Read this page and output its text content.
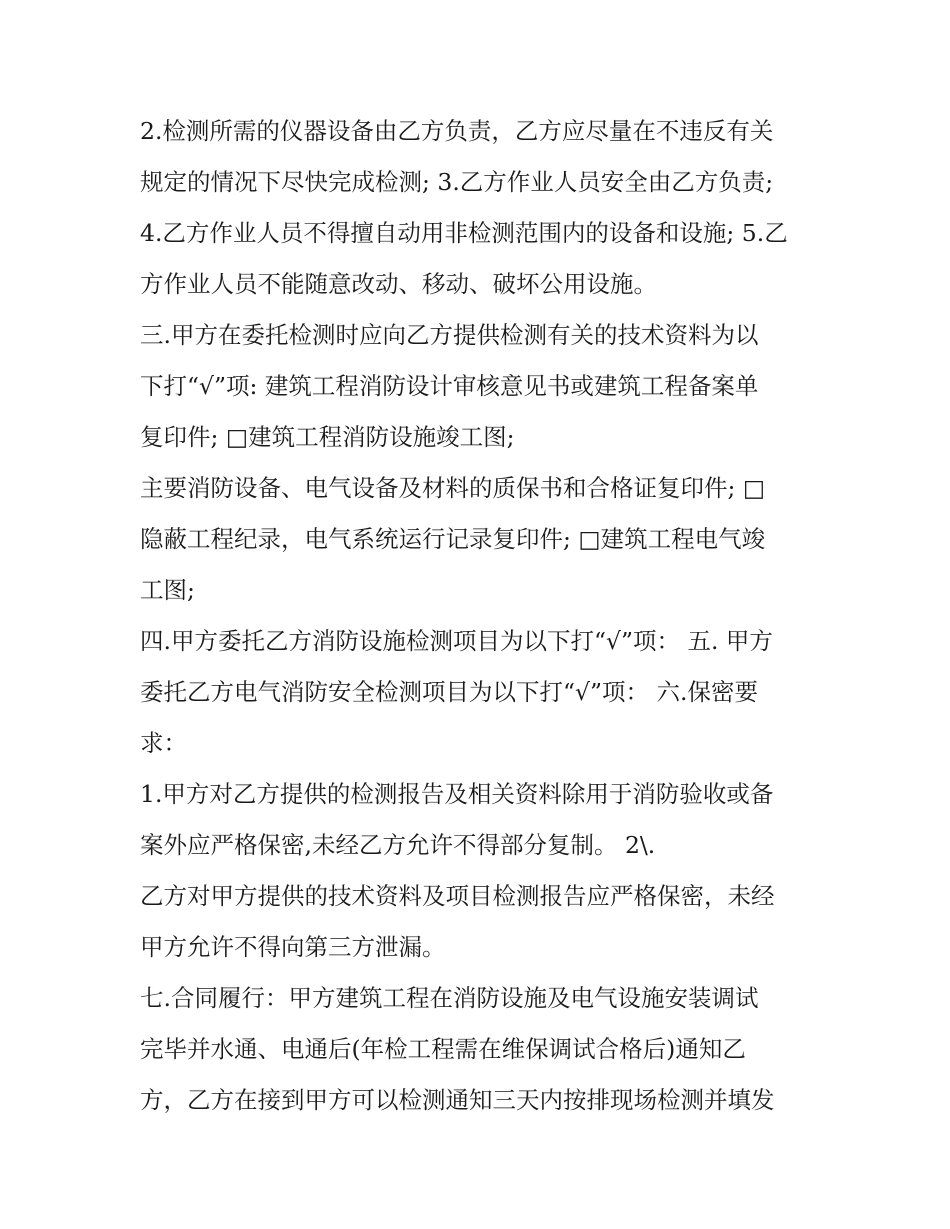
2.检测所需的仪器设备由乙方负责，乙方应尽量在不违反有关
规定的情况下尽快完成检测; 3.乙方作业人员安全由乙方负责;
4.乙方作业人员不得擅自动用非检测范围内的设备和设施; 5.乙
方作业人员不能随意改动、移动、破坏公用设施。
三.甲方在委托检测时应向乙方提供检测有关的技术资料为以
下打“√”项: 建筑工程消防设计审核意见书或建筑工程备案单
复印件; □建筑工程消防设施竣工图;
主要消防设备、电气设备及材料的质保书和合格证复印件; □
隐蔽工程纪录，电气系统运行记录复印件; □建筑工程电气竣
工图;
四.甲方委托乙方消防设施检测项目为以下打“√”项： 五. 甲方
委托乙方电气消防安全检测项目为以下打“√”项： 六.保密要
求：
1.甲方对乙方提供的检测报告及相关资料除用于消防验收或备
案外应严格保密,未经乙方允许不得部分复制。 2\.
乙方对甲方提供的技术资料及项目检测报告应严格保密，未经
甲方允许不得向第三方泄漏。
七.合同履行：甲方建筑工程在消防设施及电气设施安装调试
完毕并水通、电通后(年检工程需在维保调试合格后)通知乙
方，乙方在接到甲方可以检测通知三天内按排现场检测并填发
